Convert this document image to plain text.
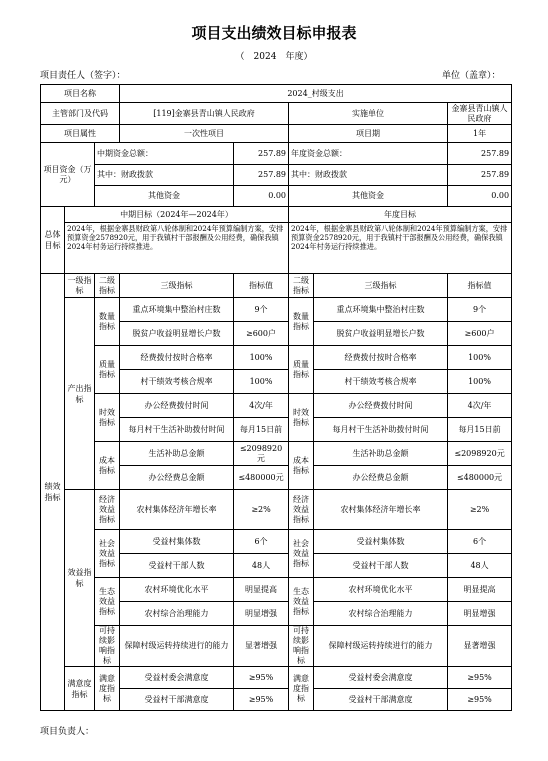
项目支出绩效目标申报表
（　2024　年度）
项目责任人（签字）：	单位（盖章）：
项目名称			2024_村级支出				
主管部门及代码			[119]金寨县青山镇人民政府		实施单位		金寨县青山镇人民政府
项目属性			一次性项目		项目期		1年
项目资金（万元）		中期资金总额：		257.89	年度资金总额：		257.89
		其中：财政拨款		257.89	其中：财政拨款		257.89
		其他资金		0.00	其他资金		0.00
总体目标	中期目标（2024年—2024年）				年度目标		
	2024年，根据金寨县财政第八轮体制和2024年预算编制方案，安排预算资金2578920元，用于我镇村干部报酬及公用经费，确保我镇2024年村务运行持续推进。				2024年，根据金寨县财政第八轮体制和2024年预算编制方案，安排预算资金2578920元，用于我镇村干部报酬及公用经费，确保我镇2024年村务运行持续推进。		
绩效指标	一级指标	二级指标	三级指标	指标值	二级指标	三级指标	指标值
	产出指标	数量指标	重点环境集中整治村庄数	9个	数量指标	重点环境集中整治村庄数	9个
			脱贫户收益明显增长户数	≥600户		脱贫户收益明显增长户数	≥600户
		质量指标	经费拨付按时合格率	100%	质量指标	经费拨付按时合格率	100%
			村干绩效考核合规率	100%		村干绩效考核合规率	100%
		时效指标	办公经费拨付时间	4次/年	时效指标	办公经费拨付时间	4次/年
			每月村干生活补助拨付时间	每月15日前		每月村干生活补助拨付时间	每月15日前
		成本指标	生活补助总金额	≤2098920元	成本指标	生活补助总金额	≤2098920元
			办公经费总金额	≤480000元		办公经费总金额	≤480000元
	效益指标	经济效益指标	农村集体经济年增长率	≥2%	经济效益指标	农村集体经济年增长率	≥2%
		社会效益指标	受益村集体数	6个	社会效益指标	受益村集体数	6个
			受益村干部人数	48人		受益村干部人数	48人
		生态效益指标	农村环境优化水平	明显提高	生态效益指标	农村环境优化水平	明显提高
			农村综合治理能力	明显增强		农村综合治理能力	明显增强
		可持续影响指标	保障村级运转持续进行的能力	显著增强	可持续影响指标	保障村级运转持续进行的能力	显著增强
	满意度指标	满意度指标	受益村委会满意度	≥95%	满意度指标	受益村委会满意度	≥95%
			受益村干部满意度	≥95%		受益村干部满意度	≥95%
项目负责人：
